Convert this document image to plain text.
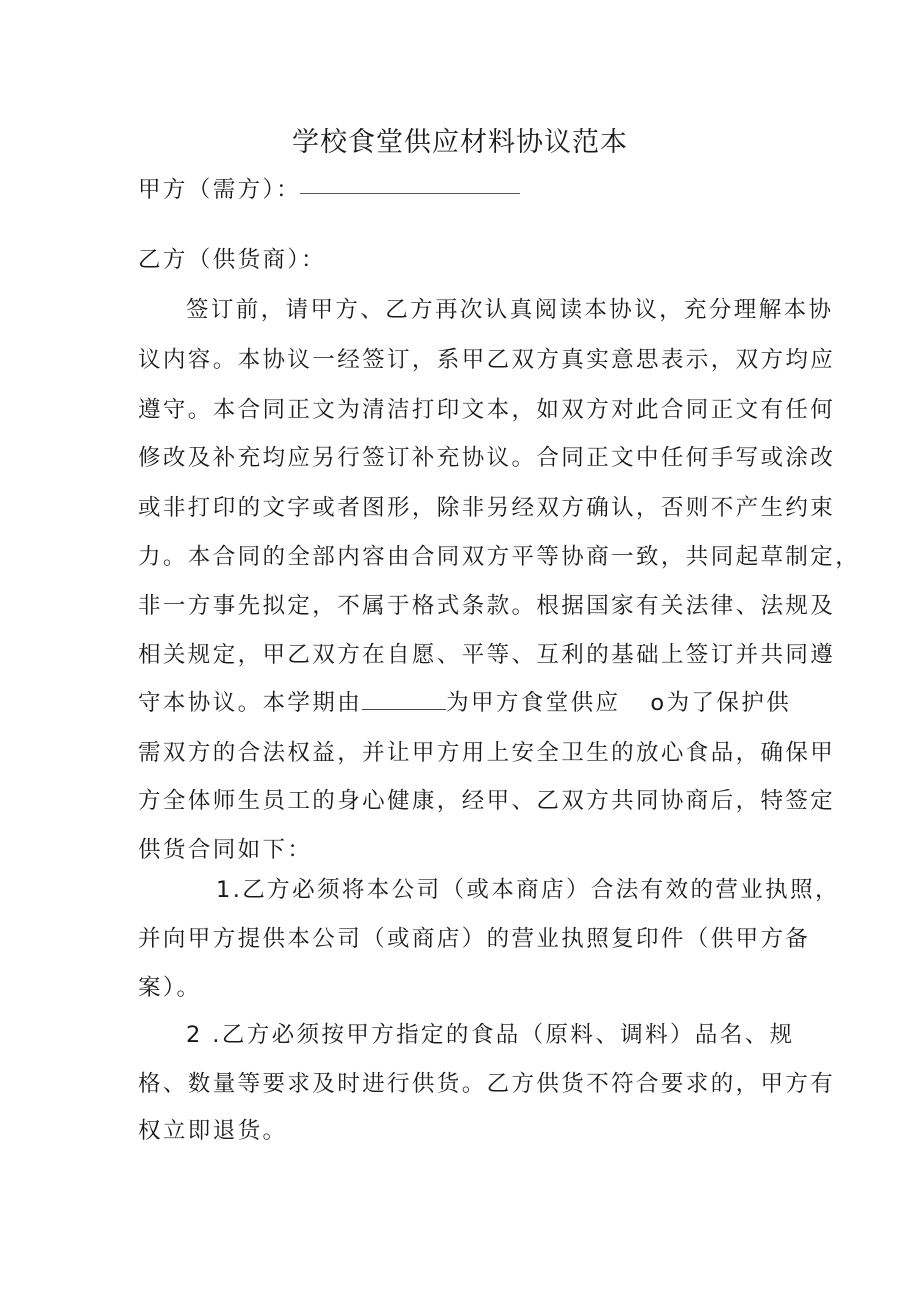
学校食堂供应材料协议范本
甲方（需方）：
乙方（供货商）：
签订前，请甲方、乙方再次认真阅读本协议，充分理解本协
议内容。本协议一经签订，系甲乙双方真实意思表示，双方均应
遵守。本合同正文为清洁打印文本，如双方对此合同正文有任何
修改及补充均应另行签订补充协议。合同正文中任何手写或涂改
或非打印的文字或者图形，除非另经双方确认，否则不产生约束
力。本合同的全部内容由合同双方平等协商一致，共同起草制定，
非一方事先拟定，不属于格式条款。根据国家有关法律、法规及
相关规定，甲乙双方在自愿、平等、互利的基础上签订并共同遵
守本协议。本学期由	为甲方食堂供应 o为了保护供
需双方的合法权益，并让甲方用上安全卫生的放心食品，确保甲
方全体师生员工的身心健康，经甲、乙双方共同协商后，特签定
供货合同如下：
1.乙方必须将本公司（或本商店）合法有效的营业执照，
并向甲方提供本公司（或商店）的营业执照复印件（供甲方备
案）。
2 .乙方必须按甲方指定的食品（原料、调料）品名、规
格、数量等要求及时进行供货。乙方供货不符合要求的，甲方有
权立即退货。
